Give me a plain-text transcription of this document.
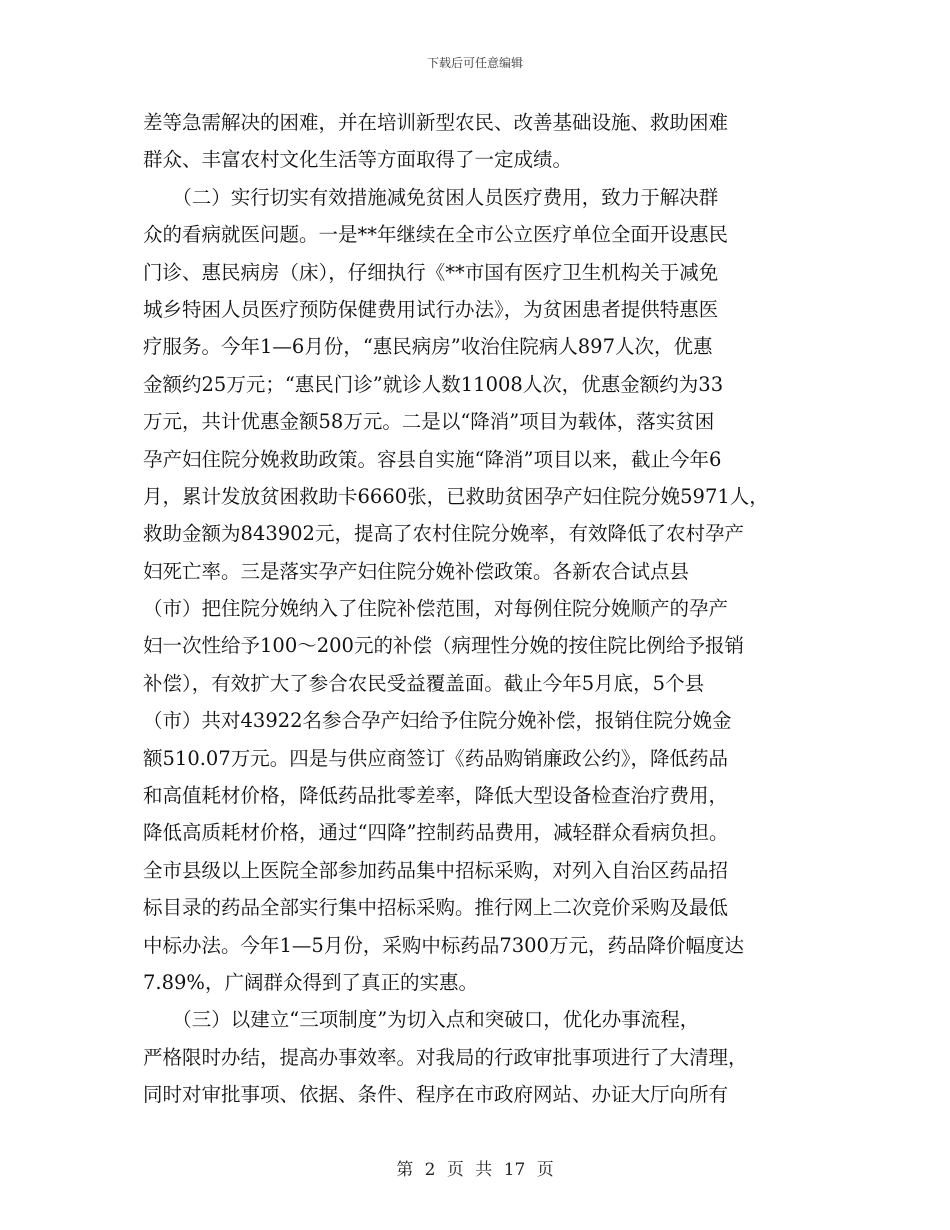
下载后可任意编辑
差等急需解决的困难，并在培训新型农民、改善基础设施、救助困难
群众、丰富农村文化生活等方面取得了一定成绩。
　　（二）实行切实有效措施减免贫困人员医疗费用，致力于解决群
众的看病就医问题。一是**年继续在全市公立医疗单位全面开设惠民
门诊、惠民病房（床），仔细执行《**市国有医疗卫生机构关于减免
城乡特困人员医疗预防保健费用试行办法》，为贫困患者提供特惠医
疗服务。今年1—6月份，“惠民病房”收治住院病人897人次，优惠
金额约25万元；“惠民门诊”就诊人数11008人次，优惠金额约为33
万元，共计优惠金额58万元。二是以“降消”项目为载体，落实贫困
孕产妇住院分娩救助政策。容县自实施“降消”项目以来，截止今年6
月，累计发放贫困救助卡6660张，已救助贫困孕产妇住院分娩5971人，
救助金额为843902元，提高了农村住院分娩率，有效降低了农村孕产
妇死亡率。三是落实孕产妇住院分娩补偿政策。各新农合试点县
（市）把住院分娩纳入了住院补偿范围，对每例住院分娩顺产的孕产
妇一次性给予100～200元的补偿（病理性分娩的按住院比例给予报销
补偿），有效扩大了参合农民受益覆盖面。截止今年5月底，5个县
（市）共对43922名参合孕产妇给予住院分娩补偿，报销住院分娩金
额510.07万元。四是与供应商签订《药品购销廉政公约》，降低药品
和高值耗材价格，降低药品批零差率，降低大型设备检查治疗费用，
降低高质耗材价格，通过“四降”控制药品费用，减轻群众看病负担。
全市县级以上医院全部参加药品集中招标采购，对列入自治区药品招
标目录的药品全部实行集中招标采购。推行网上二次竞价采购及最低
中标办法。今年1—5月份，采购中标药品7300万元，药品降价幅度达
7.89%，广阔群众得到了真正的实惠。
　　（三）以建立“三项制度”为切入点和突破口，优化办事流程，
严格限时办结，提高办事效率。对我局的行政审批事项进行了大清理，
同时对审批事项、依据、条件、程序在市政府网站、办证大厅向所有
第 2 页 共 17 页
